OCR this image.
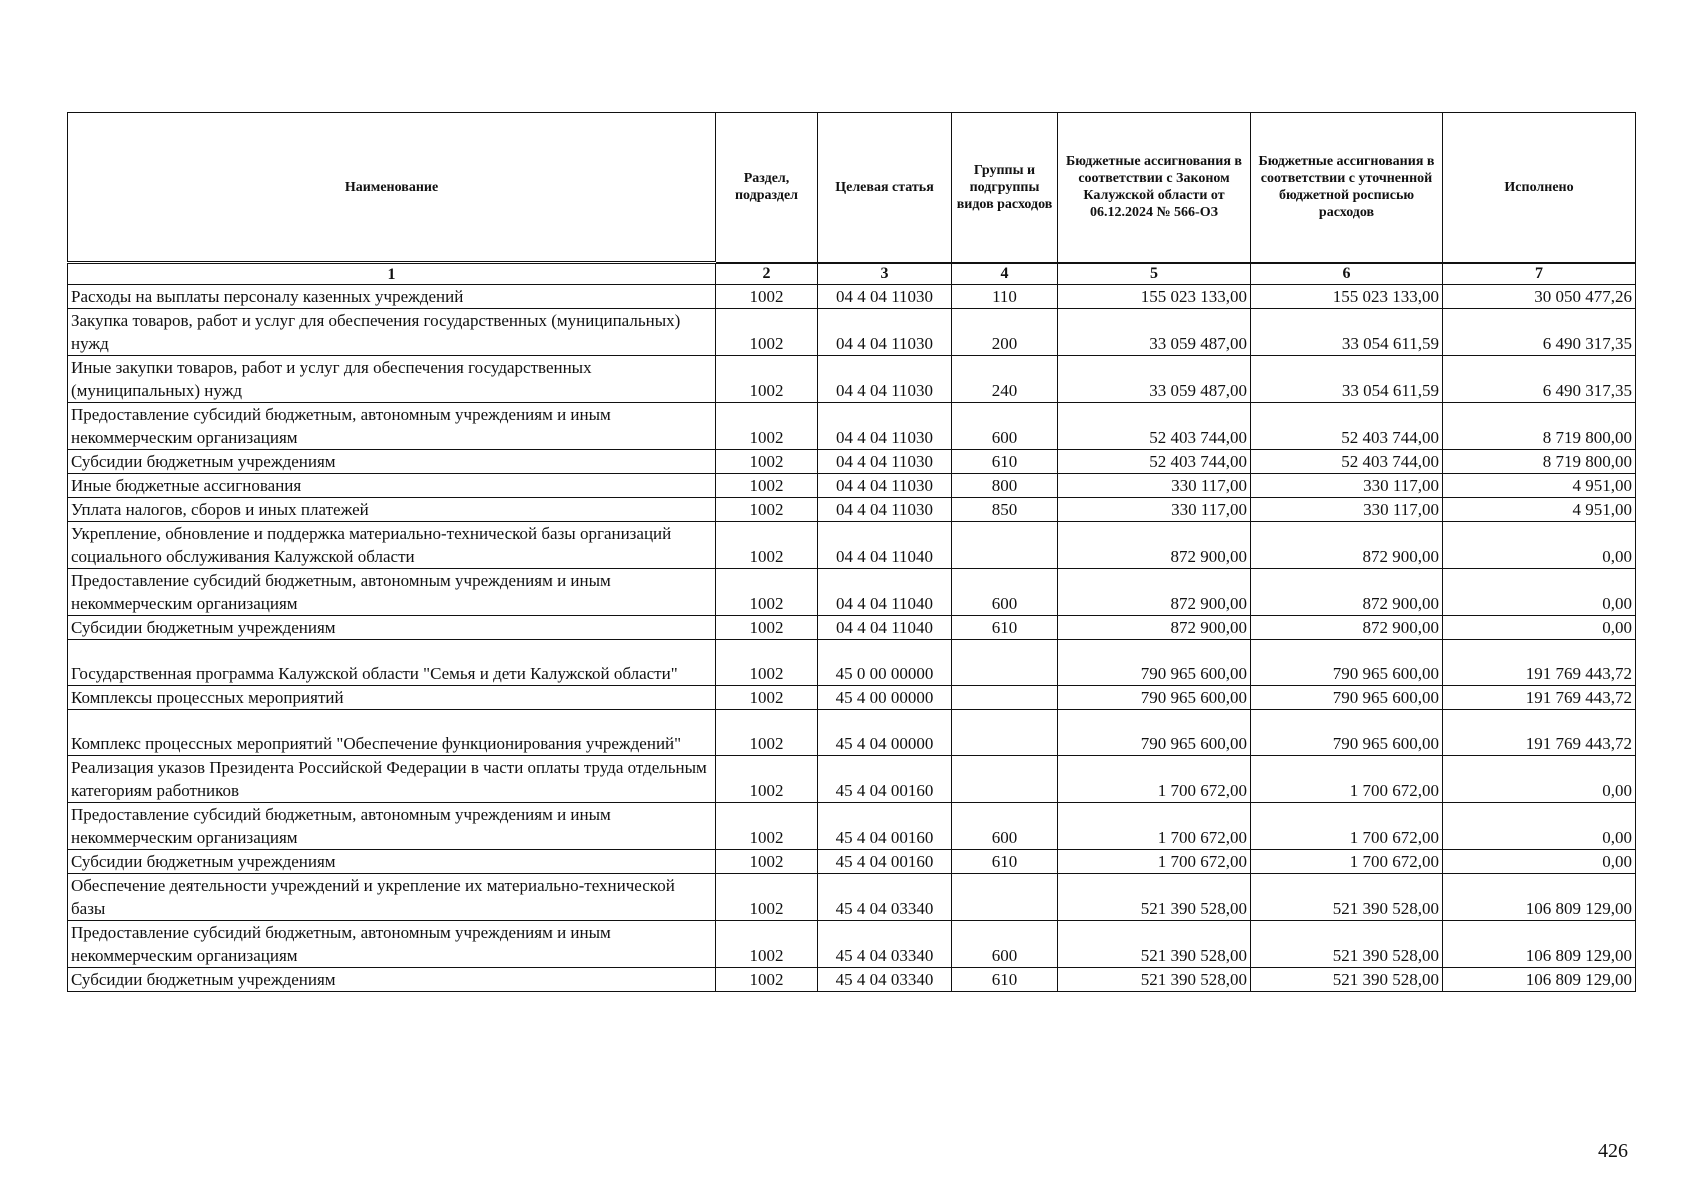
Наименование	Раздел, подраздел	Целевая статья	Группы и подгруппы видов расходов	Бюджетные ассигнования в соответствии с Законом Калужской области от 06.12.2024 № 566-ОЗ	Бюджетные ассигнования в соответствии с уточненной бюджетной росписью расходов	Исполнено
1	2	3	4	5	6	7
Расходы на выплаты персоналу казенных учреждений	1002	04 4 04 11030	110	155 023 133,00	155 023 133,00	30 050 477,26
Закупка товаров, работ и услуг для обеспечения государственных (муниципальных) нужд	1002	04 4 04 11030	200	33 059 487,00	33 054 611,59	6 490 317,35
Иные закупки товаров, работ и услуг для обеспечения государственных (муниципальных) нужд	1002	04 4 04 11030	240	33 059 487,00	33 054 611,59	6 490 317,35
Предоставление субсидий бюджетным, автономным учреждениям и иным некоммерческим организациям	1002	04 4 04 11030	600	52 403 744,00	52 403 744,00	8 719 800,00
Субсидии бюджетным учреждениям	1002	04 4 04 11030	610	52 403 744,00	52 403 744,00	8 719 800,00
Иные бюджетные ассигнования	1002	04 4 04 11030	800	330 117,00	330 117,00	4 951,00
Уплата налогов, сборов и иных платежей	1002	04 4 04 11030	850	330 117,00	330 117,00	4 951,00
Укрепление, обновление и поддержка материально-технической базы организаций социального обслуживания Калужской области	1002	04 4 04 11040		872 900,00	872 900,00	0,00
Предоставление субсидий бюджетным, автономным учреждениям и иным некоммерческим организациям	1002	04 4 04 11040	600	872 900,00	872 900,00	0,00
Субсидии бюджетным учреждениям	1002	04 4 04 11040	610	872 900,00	872 900,00	0,00
Государственная программа Калужской области "Семья и дети Калужской области"	1002	45 0 00 00000		790 965 600,00	790 965 600,00	191 769 443,72
Комплексы процессных мероприятий	1002	45 4 00 00000		790 965 600,00	790 965 600,00	191 769 443,72
Комплекс процессных мероприятий "Обеспечение функционирования учреждений"	1002	45 4 04 00000		790 965 600,00	790 965 600,00	191 769 443,72
Реализация указов Президента Российской Федерации в части оплаты труда отдельным категориям работников	1002	45 4 04 00160		1 700 672,00	1 700 672,00	0,00
Предоставление субсидий бюджетным, автономным учреждениям и иным некоммерческим организациям	1002	45 4 04 00160	600	1 700 672,00	1 700 672,00	0,00
Субсидии бюджетным учреждениям	1002	45 4 04 00160	610	1 700 672,00	1 700 672,00	0,00
Обеспечение деятельности учреждений и укрепление их материально-технической базы	1002	45 4 04 03340		521 390 528,00	521 390 528,00	106 809 129,00
Предоставление субсидий бюджетным, автономным учреждениям и иным некоммерческим организациям	1002	45 4 04 03340	600	521 390 528,00	521 390 528,00	106 809 129,00
Субсидии бюджетным учреждениям	1002	45 4 04 03340	610	521 390 528,00	521 390 528,00	106 809 129,00
426
